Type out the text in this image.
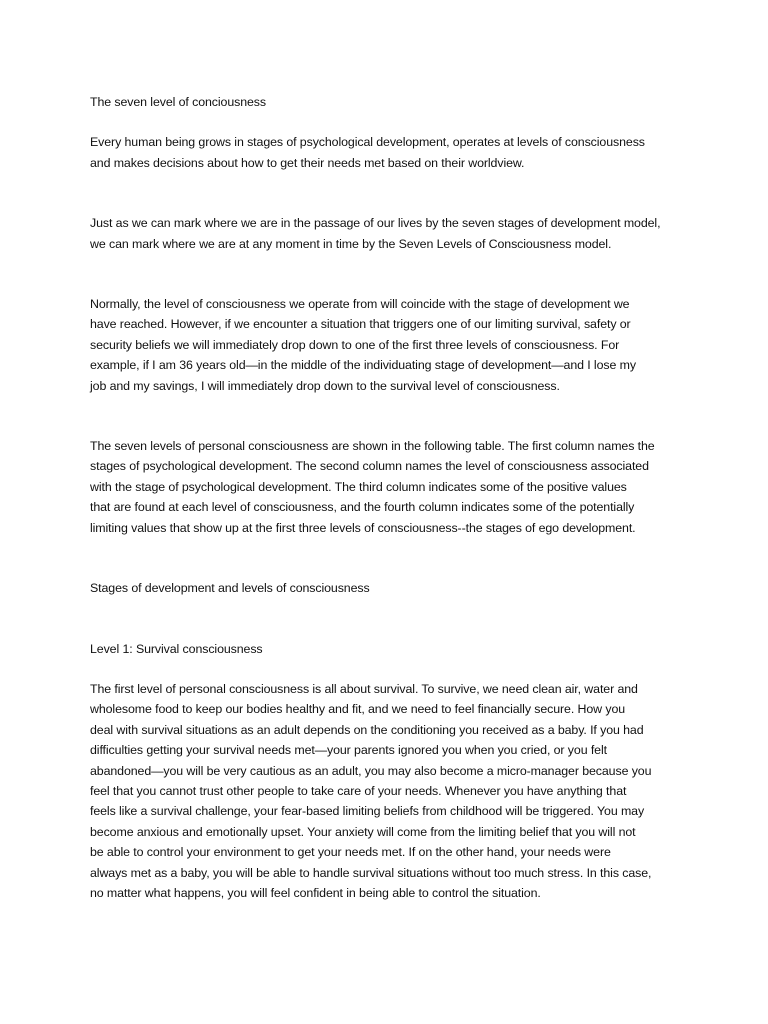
The seven level of conciousness

Every human being grows in stages of psychological development, operates at levels of consciousness
and makes decisions about how to get their needs met based on their worldview.

Just as we can mark where we are in the passage of our lives by the seven stages of development model,
we can mark where we are at any moment in time by the Seven Levels of Consciousness model.

Normally, the level of consciousness we operate from will coincide with the stage of development we
have reached. However, if we encounter a situation that triggers one of our limiting survival, safety or
security beliefs we will immediately drop down to one of the first three levels of consciousness. For
example, if I am 36 years old—in the middle of the individuating stage of development—and I lose my
job and my savings, I will immediately drop down to the survival level of consciousness.

The seven levels of personal consciousness are shown in the following table. The first column names the
stages of psychological development. The second column names the level of consciousness associated
with the stage of psychological development. The third column indicates some of the positive values
that are found at each level of consciousness, and the fourth column indicates some of the potentially
limiting values that show up at the first three levels of consciousness--the stages of ego development.

Stages of development and levels of consciousness

Level 1: Survival consciousness

The first level of personal consciousness is all about survival. To survive, we need clean air, water and
wholesome food to keep our bodies healthy and fit, and we need to feel financially secure. How you
deal with survival situations as an adult depends on the conditioning you received as a baby. If you had
difficulties getting your survival needs met—your parents ignored you when you cried, or you felt
abandoned—you will be very cautious as an adult, you may also become a micro-manager because you
feel that you cannot trust other people to take care of your needs. Whenever you have anything that
feels like a survival challenge, your fear-based limiting beliefs from childhood will be triggered. You may
become anxious and emotionally upset. Your anxiety will come from the limiting belief that you will not
be able to control your environment to get your needs met. If on the other hand, your needs were
always met as a baby, you will be able to handle survival situations without too much stress. In this case,
no matter what happens, you will feel confident in being able to control the situation.
